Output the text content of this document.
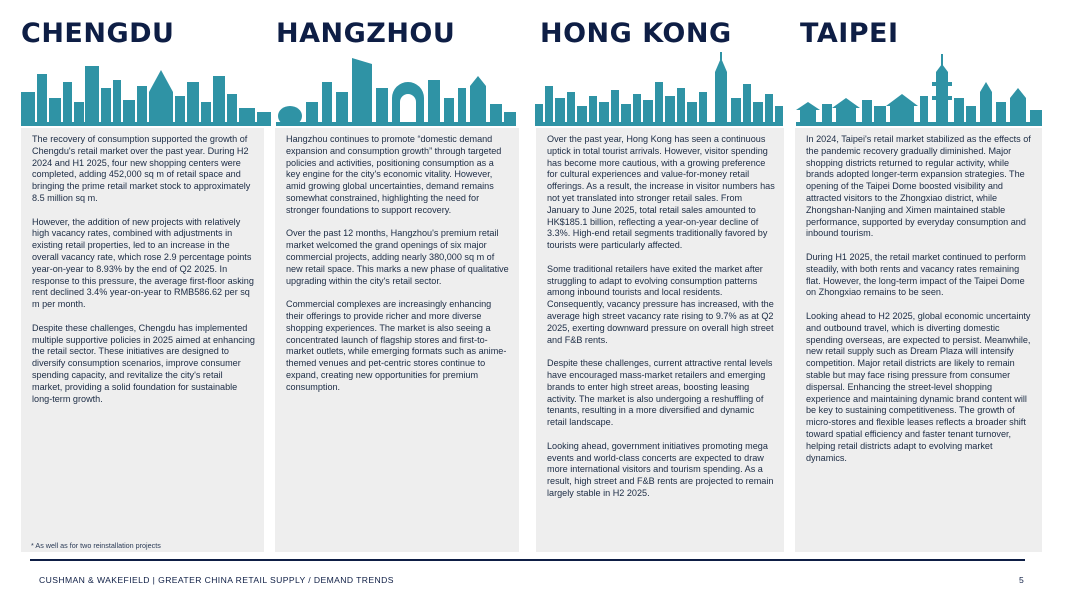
CHENGDU	HANGZHOU	HONG KONG	TAIPEI

The recovery of consumption supported the growth of Chengdu's retail market over the past year. During H2 2024 and H1 2025, four new shopping centers were completed, adding 452,000 sq m of retail space and bringing the prime retail market stock to approximately 8.5 million sq m.

However, the addition of new projects with relatively high vacancy rates, combined with adjustments in existing retail properties, led to an increase in the overall vacancy rate, which rose 2.9 percentage points year-on-year to 8.93% by the end of Q2 2025. In response to this pressure, the average first-floor asking rent declined 3.4% year-on-year to RMB586.62 per sq m per month.

Despite these challenges, Chengdu has implemented multiple supportive policies in 2025 aimed at enhancing the retail sector. These initiatives are designed to diversify consumption scenarios, improve consumer spending capacity, and revitalize the city's retail market, providing a solid foundation for sustainable long-term growth.

Hangzhou continues to promote “domestic demand expansion and consumption growth” through targeted policies and activities, positioning consumption as a key engine for the city's economic vitality. However, amid growing global uncertainties, demand remains somewhat constrained, highlighting the need for stronger foundations to support recovery.

Over the past 12 months, Hangzhou's premium retail market welcomed the grand openings of six major commercial projects, adding nearly 380,000 sq m of new retail space. This marks a new phase of qualitative upgrading within the city's retail sector.

Commercial complexes are increasingly enhancing their offerings to provide richer and more diverse shopping experiences. The market is also seeing a concentrated launch of flagship stores and first-to-market outlets, while emerging formats such as anime-themed venues and pet-centric stores continue to expand, creating new opportunities for premium consumption.

Over the past year, Hong Kong has seen a continuous uptick in total tourist arrivals. However, visitor spending has become more cautious, with a growing preference for cultural experiences and value-for-money retail offerings. As a result, the increase in visitor numbers has not yet translated into stronger retail sales. From January to June 2025, total retail sales amounted to HK$185.1 billion, reflecting a year-on-year decline of 3.3%. High-end retail segments traditionally favored by tourists were particularly affected.

Some traditional retailers have exited the market after struggling to adapt to evolving consumption patterns among inbound tourists and local residents. Consequently, vacancy pressure has increased, with the average high street vacancy rate rising to 9.7% as at Q2 2025, exerting downward pressure on overall high street and F&B rents.

Despite these challenges, current attractive rental levels have encouraged mass-market retailers and emerging brands to enter high street areas, boosting leasing activity. The market is also undergoing a reshuffling of tenants, resulting in a more diversified and dynamic retail landscape.

Looking ahead, government initiatives promoting mega events and world-class concerts are expected to draw more international visitors and tourism spending. As a result, high street and F&B rents are projected to remain largely stable in H2 2025.

In 2024, Taipei's retail market stabilized as the effects of the pandemic recovery gradually diminished. Major shopping districts returned to regular activity, while brands adopted longer-term expansion strategies. The opening of the Taipei Dome boosted visibility and attracted visitors to the Zhongxiao district, while Zhongshan-Nanjing and Ximen maintained stable performance, supported by everyday consumption and inbound tourism.

During H1 2025, the retail market continued to perform steadily, with both rents and vacancy rates remaining flat. However, the long-term impact of the Taipei Dome on Zhongxiao remains to be seen.

Looking ahead to H2 2025, global economic uncertainty and outbound travel, which is diverting domestic spending overseas, are expected to persist. Meanwhile, new retail supply such as Dream Plaza will intensify competition. Major retail districts are likely to remain stable but may face rising pressure from consumer dispersal. Enhancing the street-level shopping experience and maintaining dynamic brand content will be key to sustaining competitiveness. The growth of micro-stores and flexible leases reflects a broader shift toward spatial efficiency and faster tenant turnover, helping retail districts adapt to evolving market dynamics.

* As well as for two reinstallation projects
CUSHMAN & WAKEFIELD | GREATER CHINA RETAIL SUPPLY / DEMAND TRENDS	5
